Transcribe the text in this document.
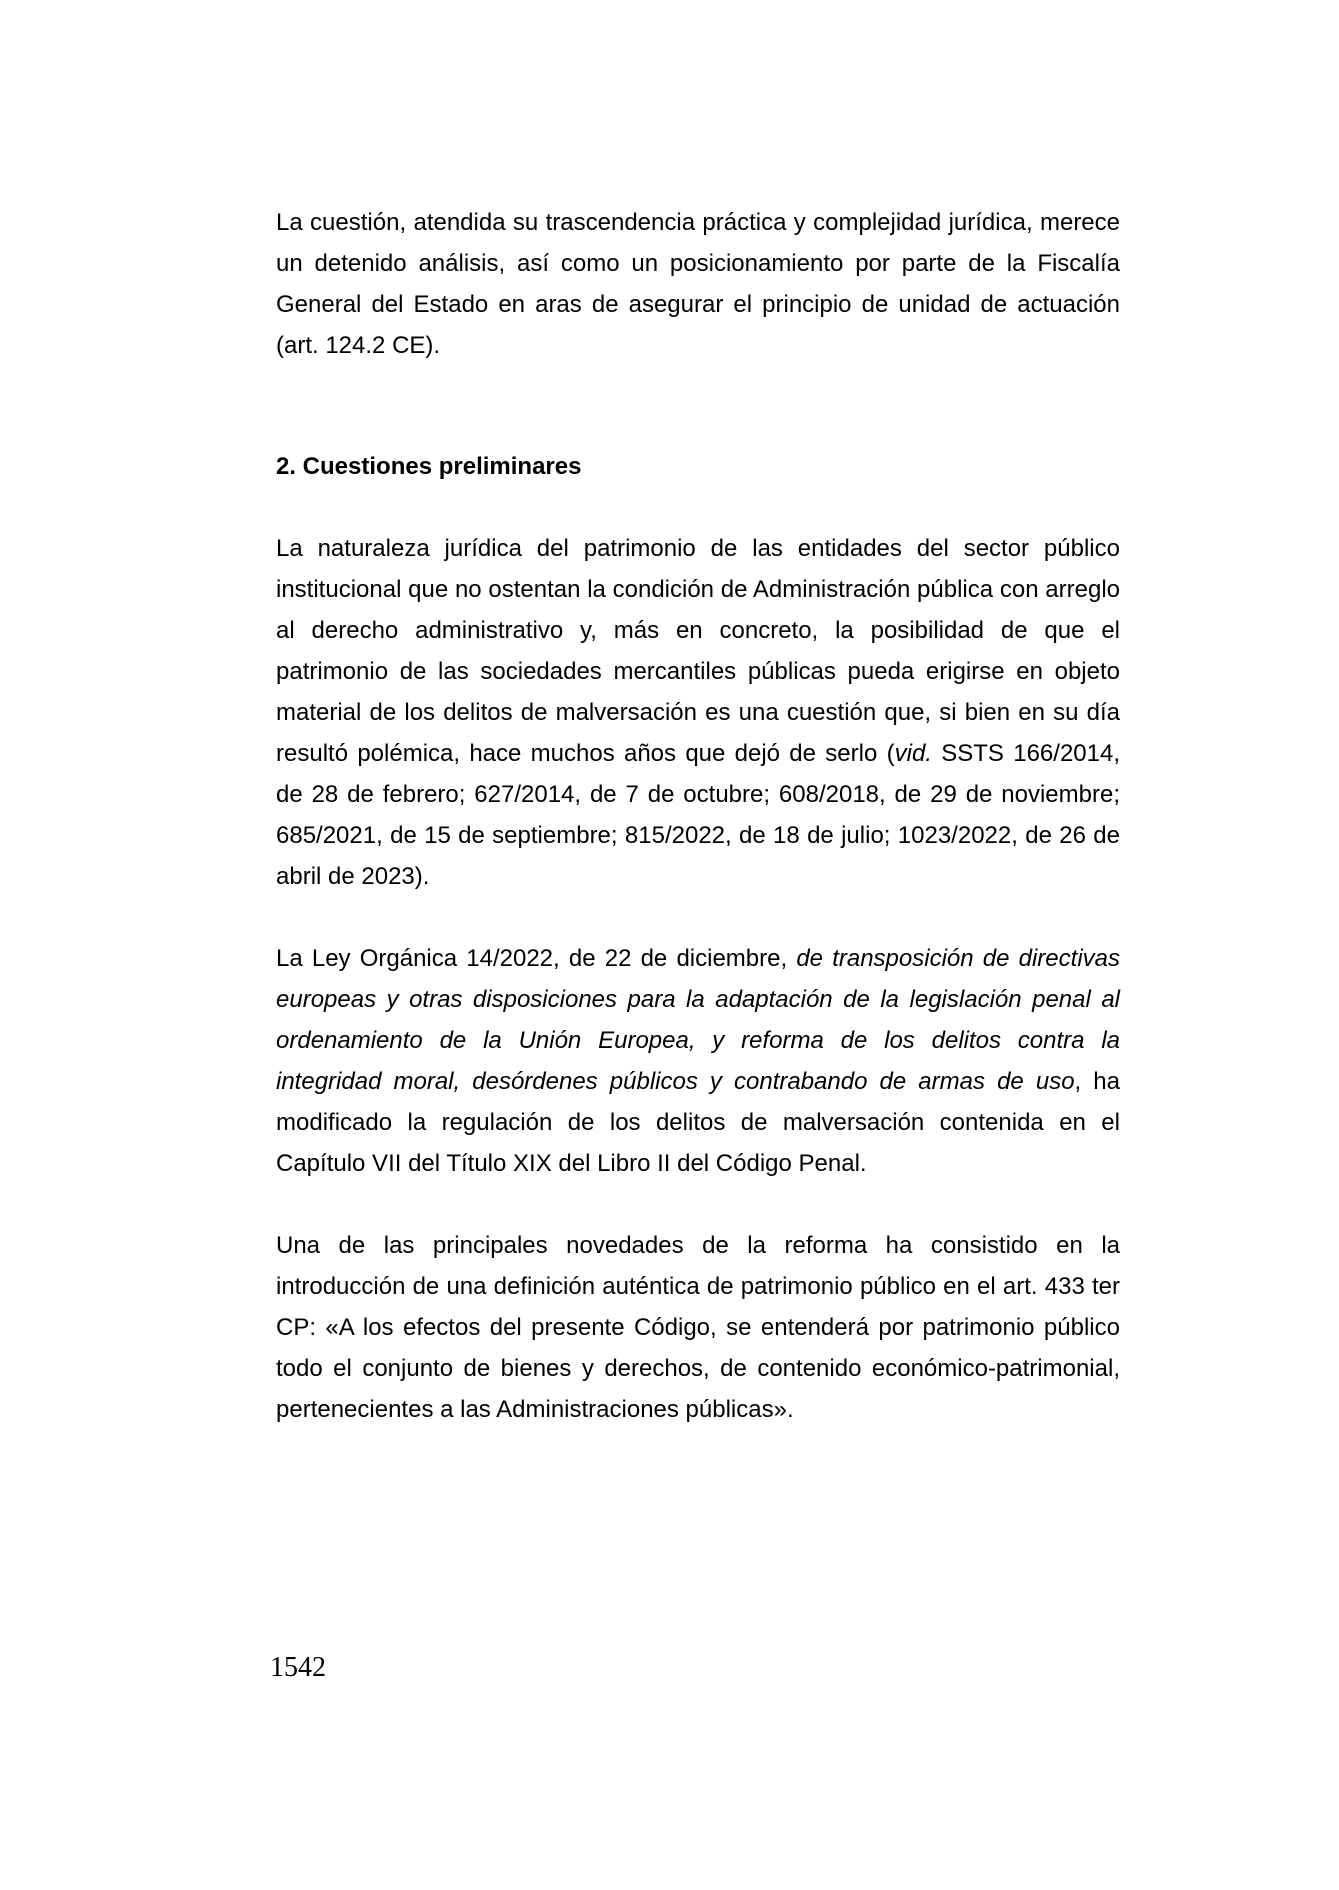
La cuestión, atendida su trascendencia práctica y complejidad jurídica, merece un detenido análisis, así como un posicionamiento por parte de la Fiscalía General del Estado en aras de asegurar el principio de unidad de actuación (art. 124.2 CE).

2. Cuestiones preliminares

La naturaleza jurídica del patrimonio de las entidades del sector público institucional que no ostentan la condición de Administración pública con arreglo al derecho administrativo y, más en concreto, la posibilidad de que el patrimonio de las sociedades mercantiles públicas pueda erigirse en objeto material de los delitos de malversación es una cuestión que, si bien en su día resultó polémica, hace muchos años que dejó de serlo (vid. SSTS 166/2014, de 28 de febrero; 627/2014, de 7 de octubre; 608/2018, de 29 de noviembre; 685/2021, de 15 de septiembre; 815/2022, de 18 de julio; 1023/2022, de 26 de abril de 2023).

La Ley Orgánica 14/2022, de 22 de diciembre, de transposición de directivas europeas y otras disposiciones para la adaptación de la legislación penal al ordenamiento de la Unión Europea, y reforma de los delitos contra la integridad moral, desórdenes públicos y contrabando de armas de uso, ha modificado la regulación de los delitos de malversación contenida en el Capítulo VII del Título XIX del Libro II del Código Penal.

Una de las principales novedades de la reforma ha consistido en la introducción de una definición auténtica de patrimonio público en el art. 433 ter CP: «A los efectos del presente Código, se entenderá por patrimonio público todo el conjunto de bienes y derechos, de contenido económico-patrimonial, pertenecientes a las Administraciones públicas».

1542
